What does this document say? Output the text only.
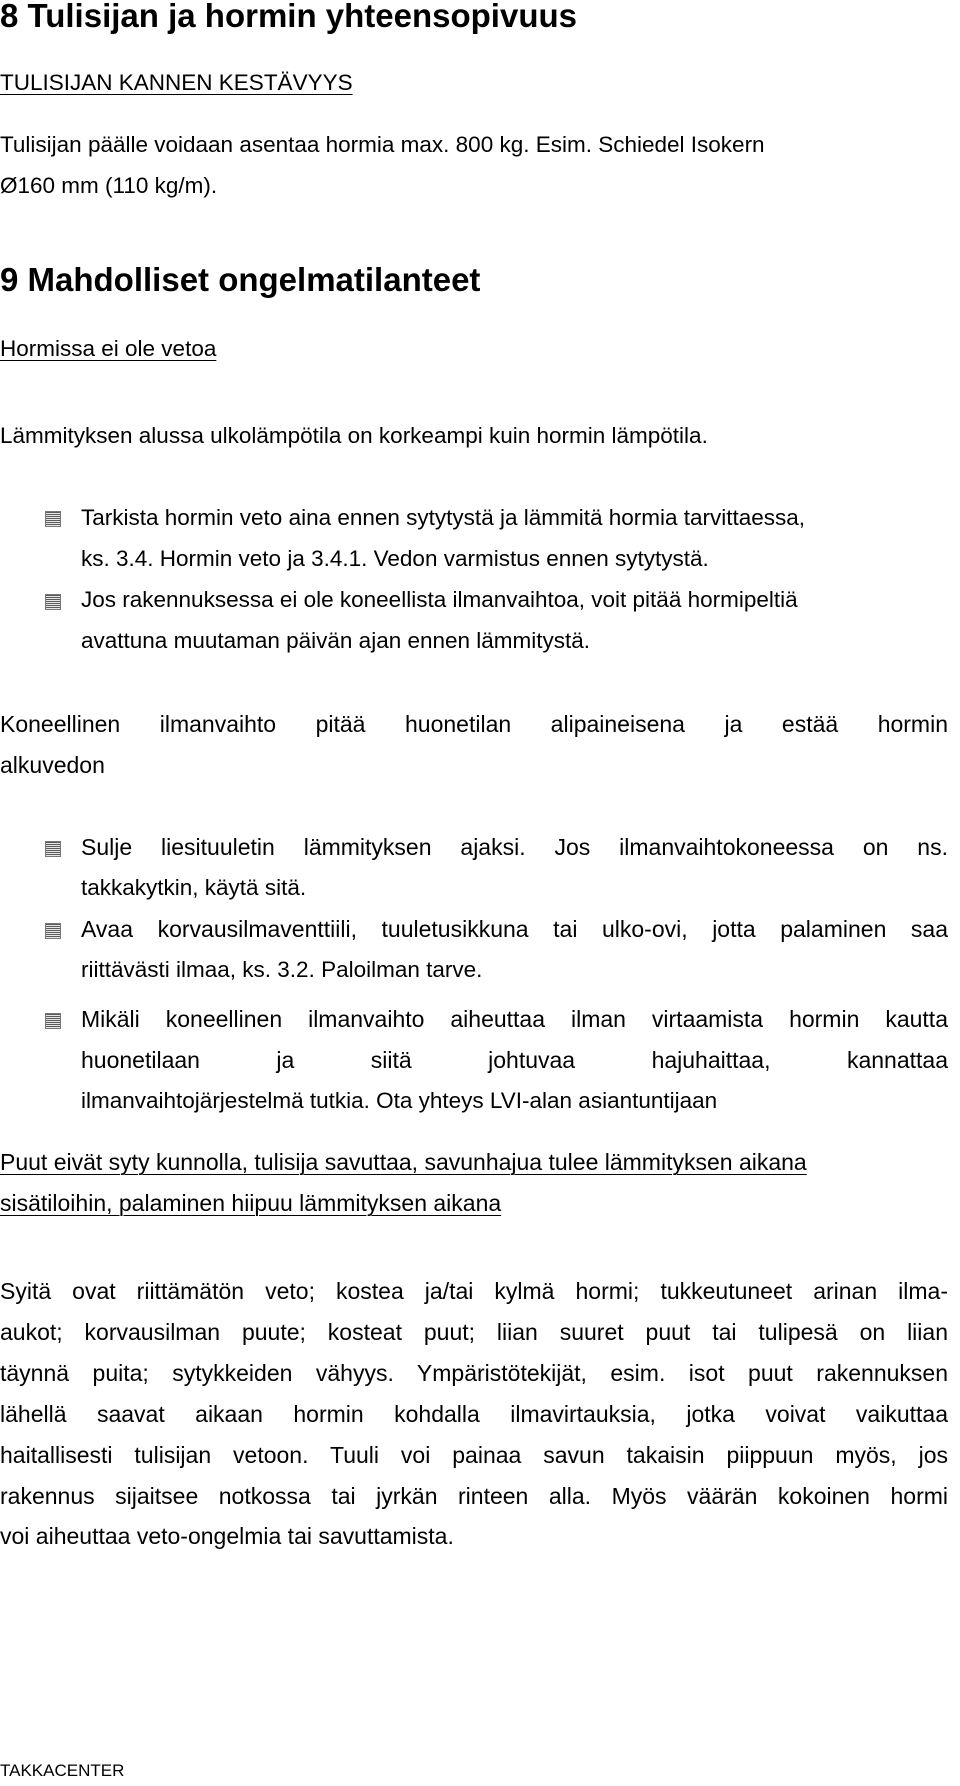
8 Tulisijan ja hormin yhteensopivuus
TULISIJAN KANNEN KESTÄVYYS
Tulisijan päälle voidaan asentaa hormia max. 800 kg. Esim. Schiedel Isokern
Ø160 mm (110 kg/m).
9 Mahdolliset ongelmatilanteet
Hormissa ei ole vetoa
Lämmityksen alussa ulkolämpötila on korkeampi kuin hormin lämpötila.
Tarkista hormin veto aina ennen sytytystä ja lämmitä hormia tarvittaessa,
ks. 3.4. Hormin veto ja 3.4.1. Vedon varmistus ennen sytytystä.
Jos rakennuksessa ei ole koneellista ilmanvaihtoa, voit pitää hormipeltiä
avattuna muutaman päivän ajan ennen lämmitystä.
Koneellinen ilmanvaihto pitää huonetilan alipaineisena ja estää hormin
alkuvedon
Sulje liesituuletin lämmityksen ajaksi. Jos ilmanvaihtokoneessa on ns.
takkakytkin, käytä sitä.
Avaa korvausilmaventtiili, tuuletusikkuna tai ulko-ovi, jotta palaminen saa
riittävästi ilmaa, ks. 3.2. Paloilman tarve.
Mikäli koneellinen ilmanvaihto aiheuttaa ilman virtaamista hormin kautta
huonetilaan ja siitä johtuvaa hajuhaittaa, kannattaa
ilmanvaihtojärjestelmä tutkia. Ota yhteys LVI-alan asiantuntijaan
Puut eivät syty kunnolla, tulisija savuttaa, savunhajua tulee lämmityksen aikana
sisätiloihin, palaminen hiipuu lämmityksen aikana
Syitä ovat riittämätön veto; kostea ja/tai kylmä hormi; tukkeutuneet arinan ilma-
aukot; korvausilman puute; kosteat puut; liian suuret puut tai tulipesä on liian
täynnä puita; sytykkeiden vähyys. Ympäristötekijät, esim. isot puut rakennuksen
lähellä saavat aikaan hormin kohdalla ilmavirtauksia, jotka voivat vaikuttaa
haitallisesti tulisijan vetoon. Tuuli voi painaa savun takaisin piippuun myös, jos
rakennus sijaitsee notkossa tai jyrkän rinteen alla. Myös väärän kokoinen hormi
voi aiheuttaa veto-ongelmia tai savuttamista.
TAKKACENTER
